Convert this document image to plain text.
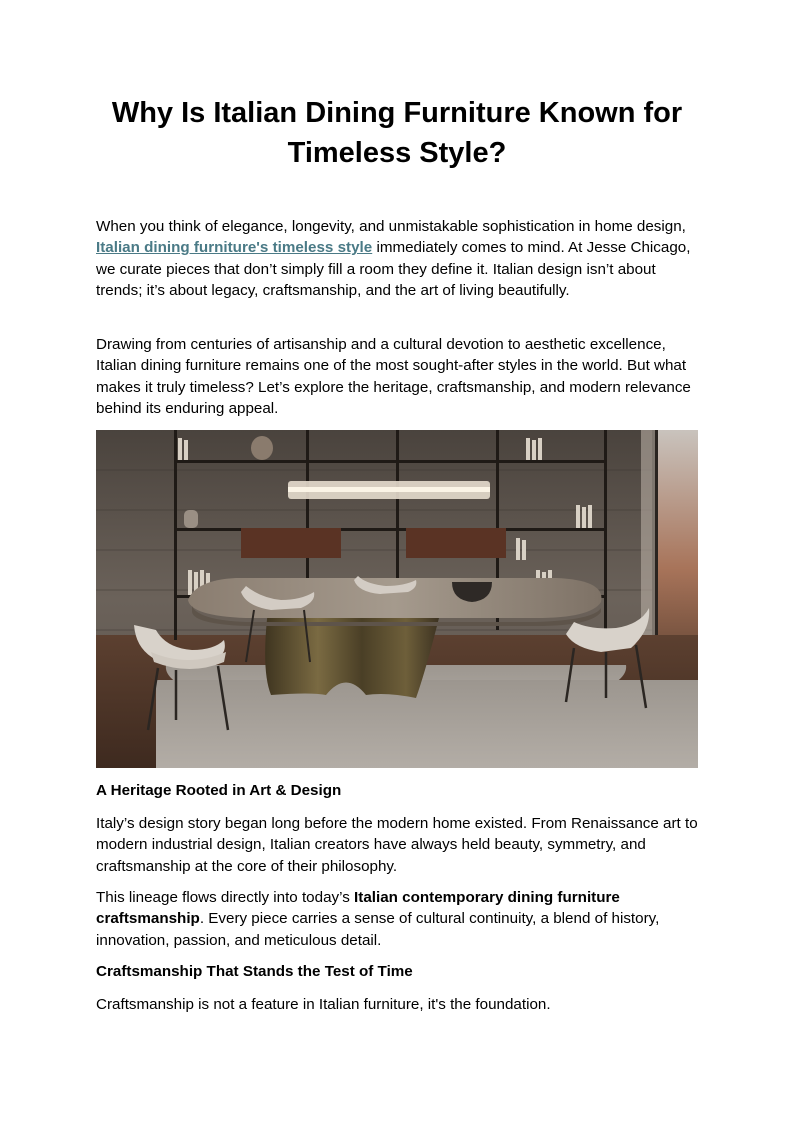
Why Is Italian Dining Furniture Known for Timeless Style?

When you think of elegance, longevity, and unmistakable sophistication in home design, Italian dining furniture's timeless style immediately comes to mind. At Jesse Chicago, we curate pieces that don’t simply fill a room they define it. Italian design isn’t about trends; it’s about legacy, craftsmanship, and the art of living beautifully.

Drawing from centuries of artisanship and a cultural devotion to aesthetic excellence, Italian dining furniture remains one of the most sought-after styles in the world. But what makes it truly timeless? Let’s explore the heritage, craftsmanship, and modern relevance behind its enduring appeal.

A Heritage Rooted in Art & Design

Italy’s design story began long before the modern home existed. From Renaissance art to modern industrial design, Italian creators have always held beauty, symmetry, and craftsmanship at the core of their philosophy.

This lineage flows directly into today’s Italian contemporary dining furniture craftsmanship. Every piece carries a sense of cultural continuity, a blend of history, innovation, passion, and meticulous detail.

Craftsmanship That Stands the Test of Time

Craftsmanship is not a feature in Italian furniture, it's the foundation.
